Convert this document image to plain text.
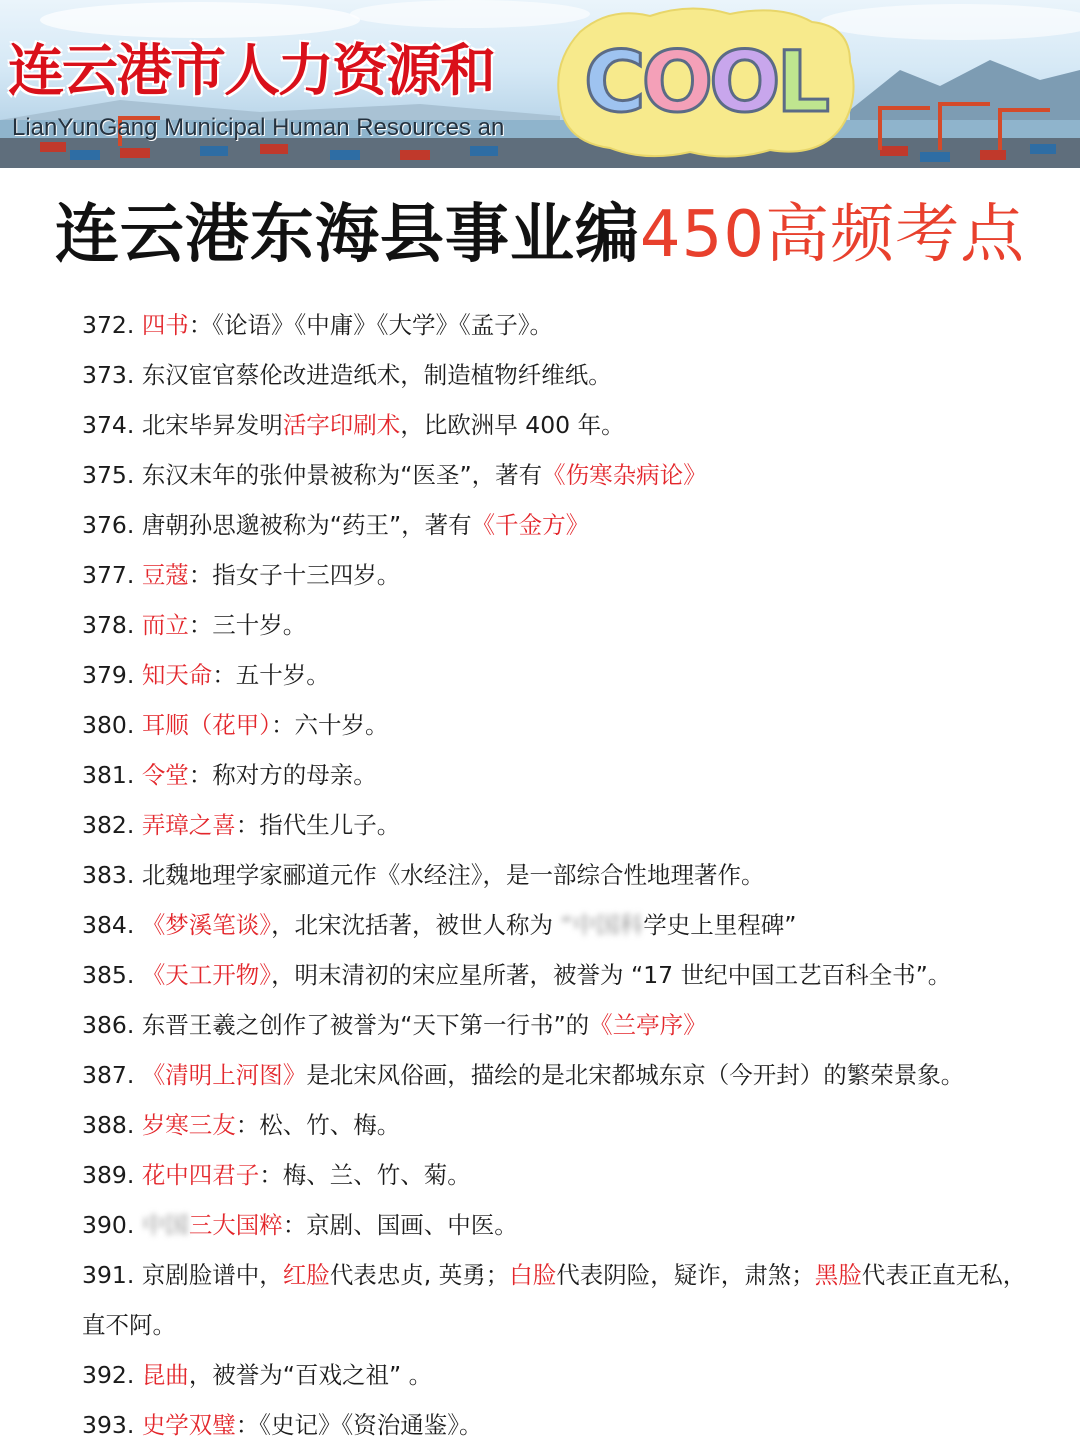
连云港市人力资源和
LianYunGang Municipal Human Resources an COOL
连云港东海县事业编450高频考点
372. 四书：《论语》《中庸》《大学》《孟子》。
373. 东汉宦官蔡伦改进造纸术，制造植物纤维纸。
374. 北宋毕昇发明活字印刷术，比欧洲早 400 年。
375. 东汉末年的张仲景被称为“医圣”，著有《伤寒杂病论》
376. 唐朝孙思邈被称为“药王”，著有《千金方》
377. 豆蔻：指女子十三四岁。
378. 而立：三十岁。
379. 知天命：五十岁。
380. 耳顺（花甲）：六十岁。
381. 令堂：称对方的母亲。
382. 弄璋之喜：指代生儿子。
383. 北魏地理学家郦道元作《水经注》，是一部综合性地理著作。
384. 《梦溪笔谈》，北宋沈括著，被世人称为 “中国科学史上里程碑”
385. 《天工开物》，明末清初的宋应星所著，被誉为 “17 世纪中国工艺百科全书”。
386. 东晋王羲之创作了被誉为“天下第一行书”的《兰亭序》
387. 《清明上河图》是北宋风俗画，描绘的是北宋都城东京（今开封）的繁荣景象。
388. 岁寒三友：松、竹、梅。
389. 花中四君子：梅、兰、竹、菊。
390. 中国三大国粹：京剧、国画、中医。
391. 京剧脸谱中，红脸代表忠贞, 英勇；白脸代表阴险，疑诈，肃煞；黑脸代表正直无私，
直不阿。
392. 昆曲，被誉为“百戏之祖” 。
393. 史学双璧：《史记》《资治通鉴》。
